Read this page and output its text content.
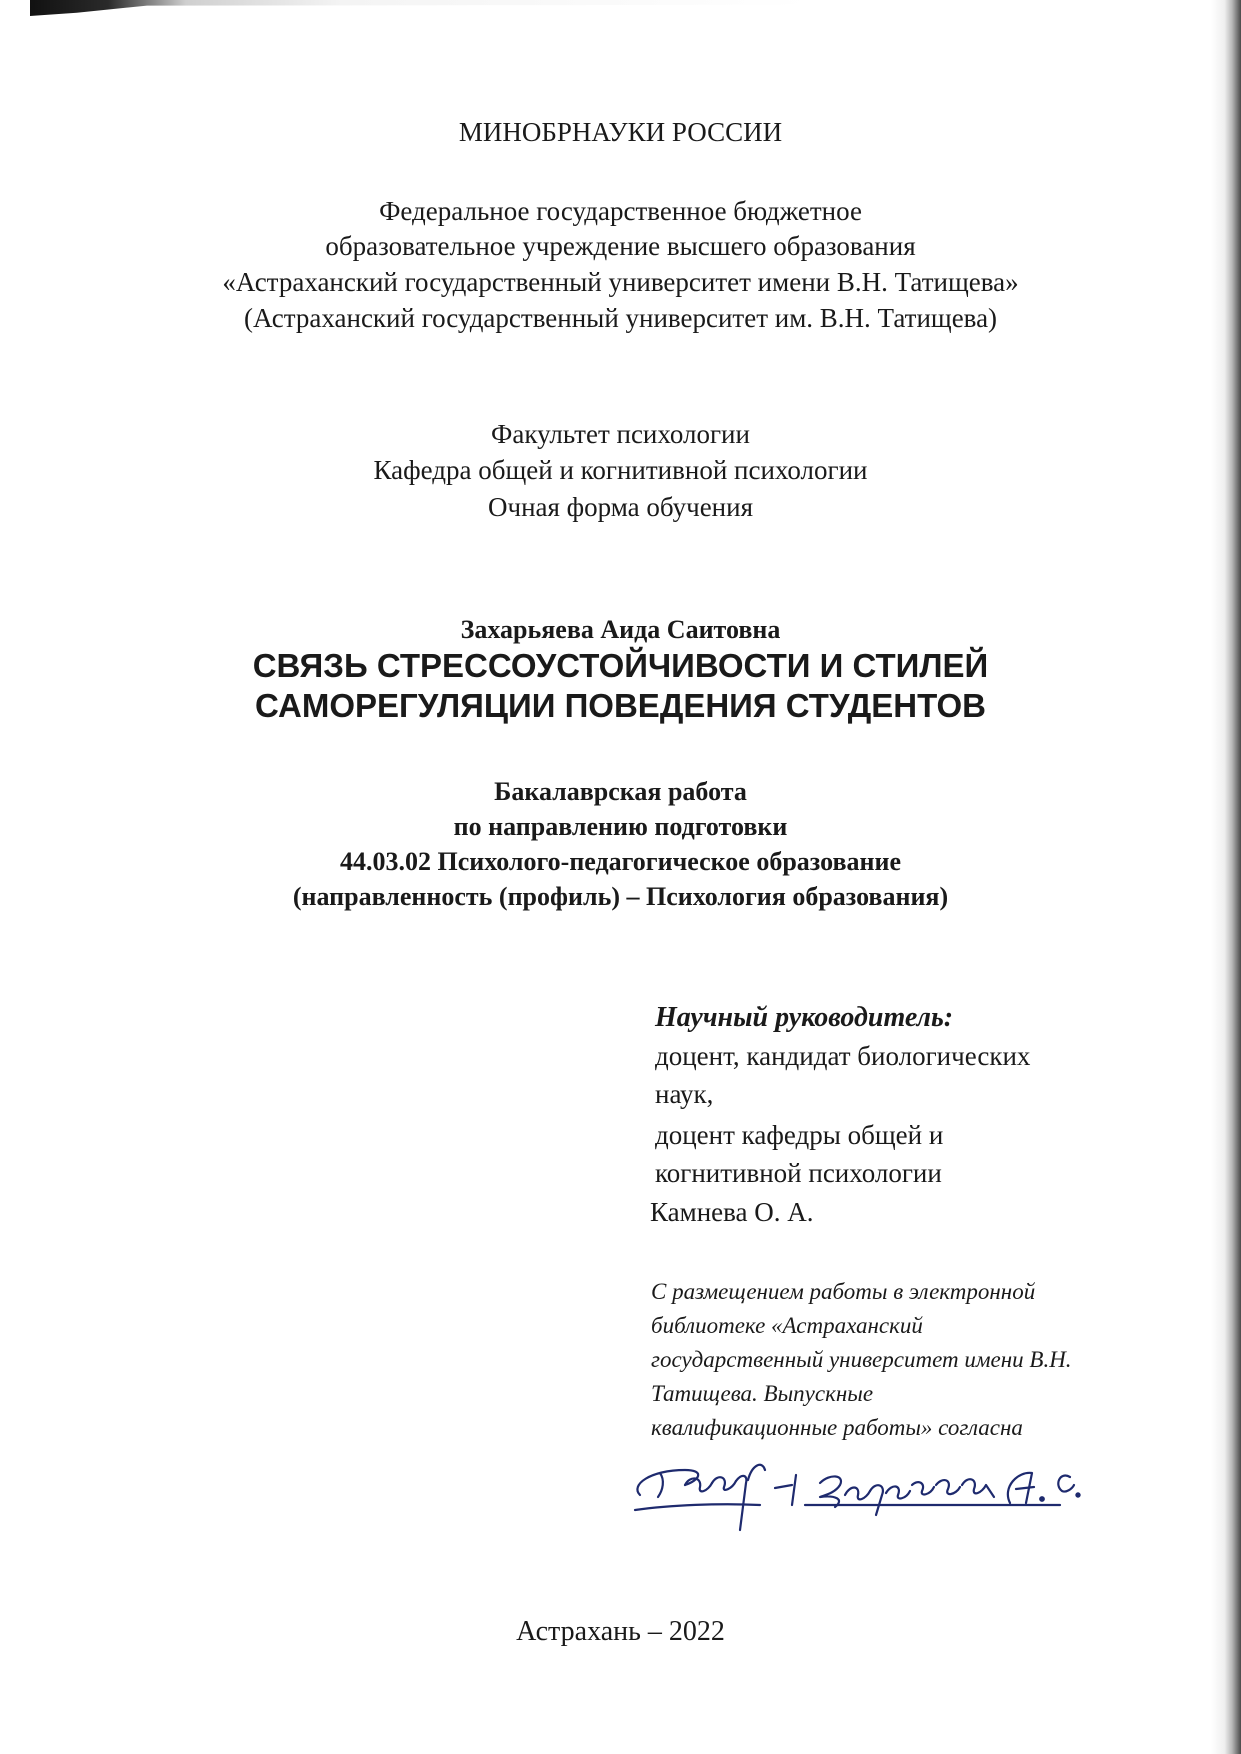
МИНОБРНАУКИ РОССИИ
Федеральное государственное бюджетное
образовательное учреждение высшего образования
«Астраханский государственный университет имени В.Н. Татищева»
(Астраханский государственный университет им. В.Н. Татищева)
Факультет психологии
Кафедра общей и когнитивной психологии
Очная форма обучения
Захарьяева Аида Саитовна
СВЯЗЬ СТРЕССОУСТОЙЧИВОСТИ И СТИЛЕЙ
САМОРЕГУЛЯЦИИ ПОВЕДЕНИЯ СТУДЕНТОВ
Бакалаврская работа
по направлению подготовки
44.03.02 Психолого-педагогическое образование
(направленность (профиль) – Психология образования)
Научный руководитель:
доцент, кандидат биологических
наук,
доцент кафедры общей и
когнитивной психологии
Камнева О. А.
С размещением работы в электронной
библиотеке «Астраханский
государственный университет имени В.Н.
Татищева. Выпускные
квалификационные работы» согласна
Астрахань – 2022
